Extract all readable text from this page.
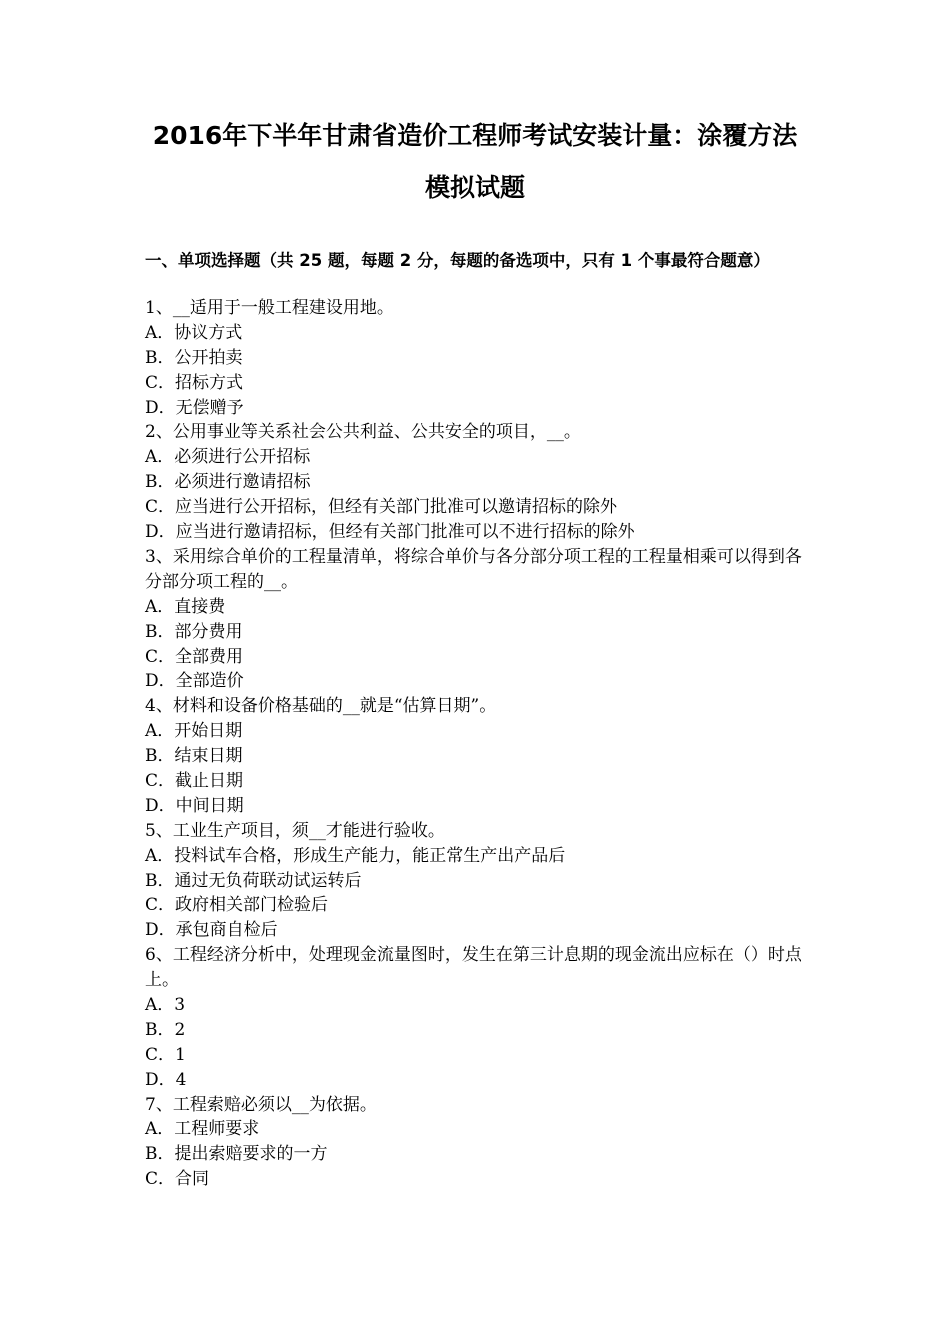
2016年下半年甘肃省造价工程师考试安装计量：涂覆方法
模拟试题
一、单项选择题（共 25 题，每题 2 分，每题的备选项中，只有 1 个事最符合题意）
1、__适用于一般工程建设用地。
A．协议方式
B．公开拍卖
C．招标方式
D．无偿赠予
2、公用事业等关系社会公共利益、公共安全的项目，__。
A．必须进行公开招标
B．必须进行邀请招标
C．应当进行公开招标，但经有关部门批准可以邀请招标的除外
D．应当进行邀请招标，但经有关部门批准可以不进行招标的除外
3、采用综合单价的工程量清单，将综合单价与各分部分项工程的工程量相乘可以得到各分部分项工程的__。
A．直接费
B．部分费用
C．全部费用
D．全部造价
4、材料和设备价格基础的__就是“估算日期”。
A．开始日期
B．结束日期
C．截止日期
D．中间日期
5、工业生产项目，须__才能进行验收。
A．投料试车合格，形成生产能力，能正常生产出产品后
B．通过无负荷联动试运转后
C．政府相关部门检验后
D．承包商自检后
6、工程经济分析中，处理现金流量图时，发生在第三计息期的现金流出应标在（）时点上。
A．3
B．2
C．1
D．4
7、工程索赔必须以__为依据。
A．工程师要求
B．提出索赔要求的一方
C．合同
